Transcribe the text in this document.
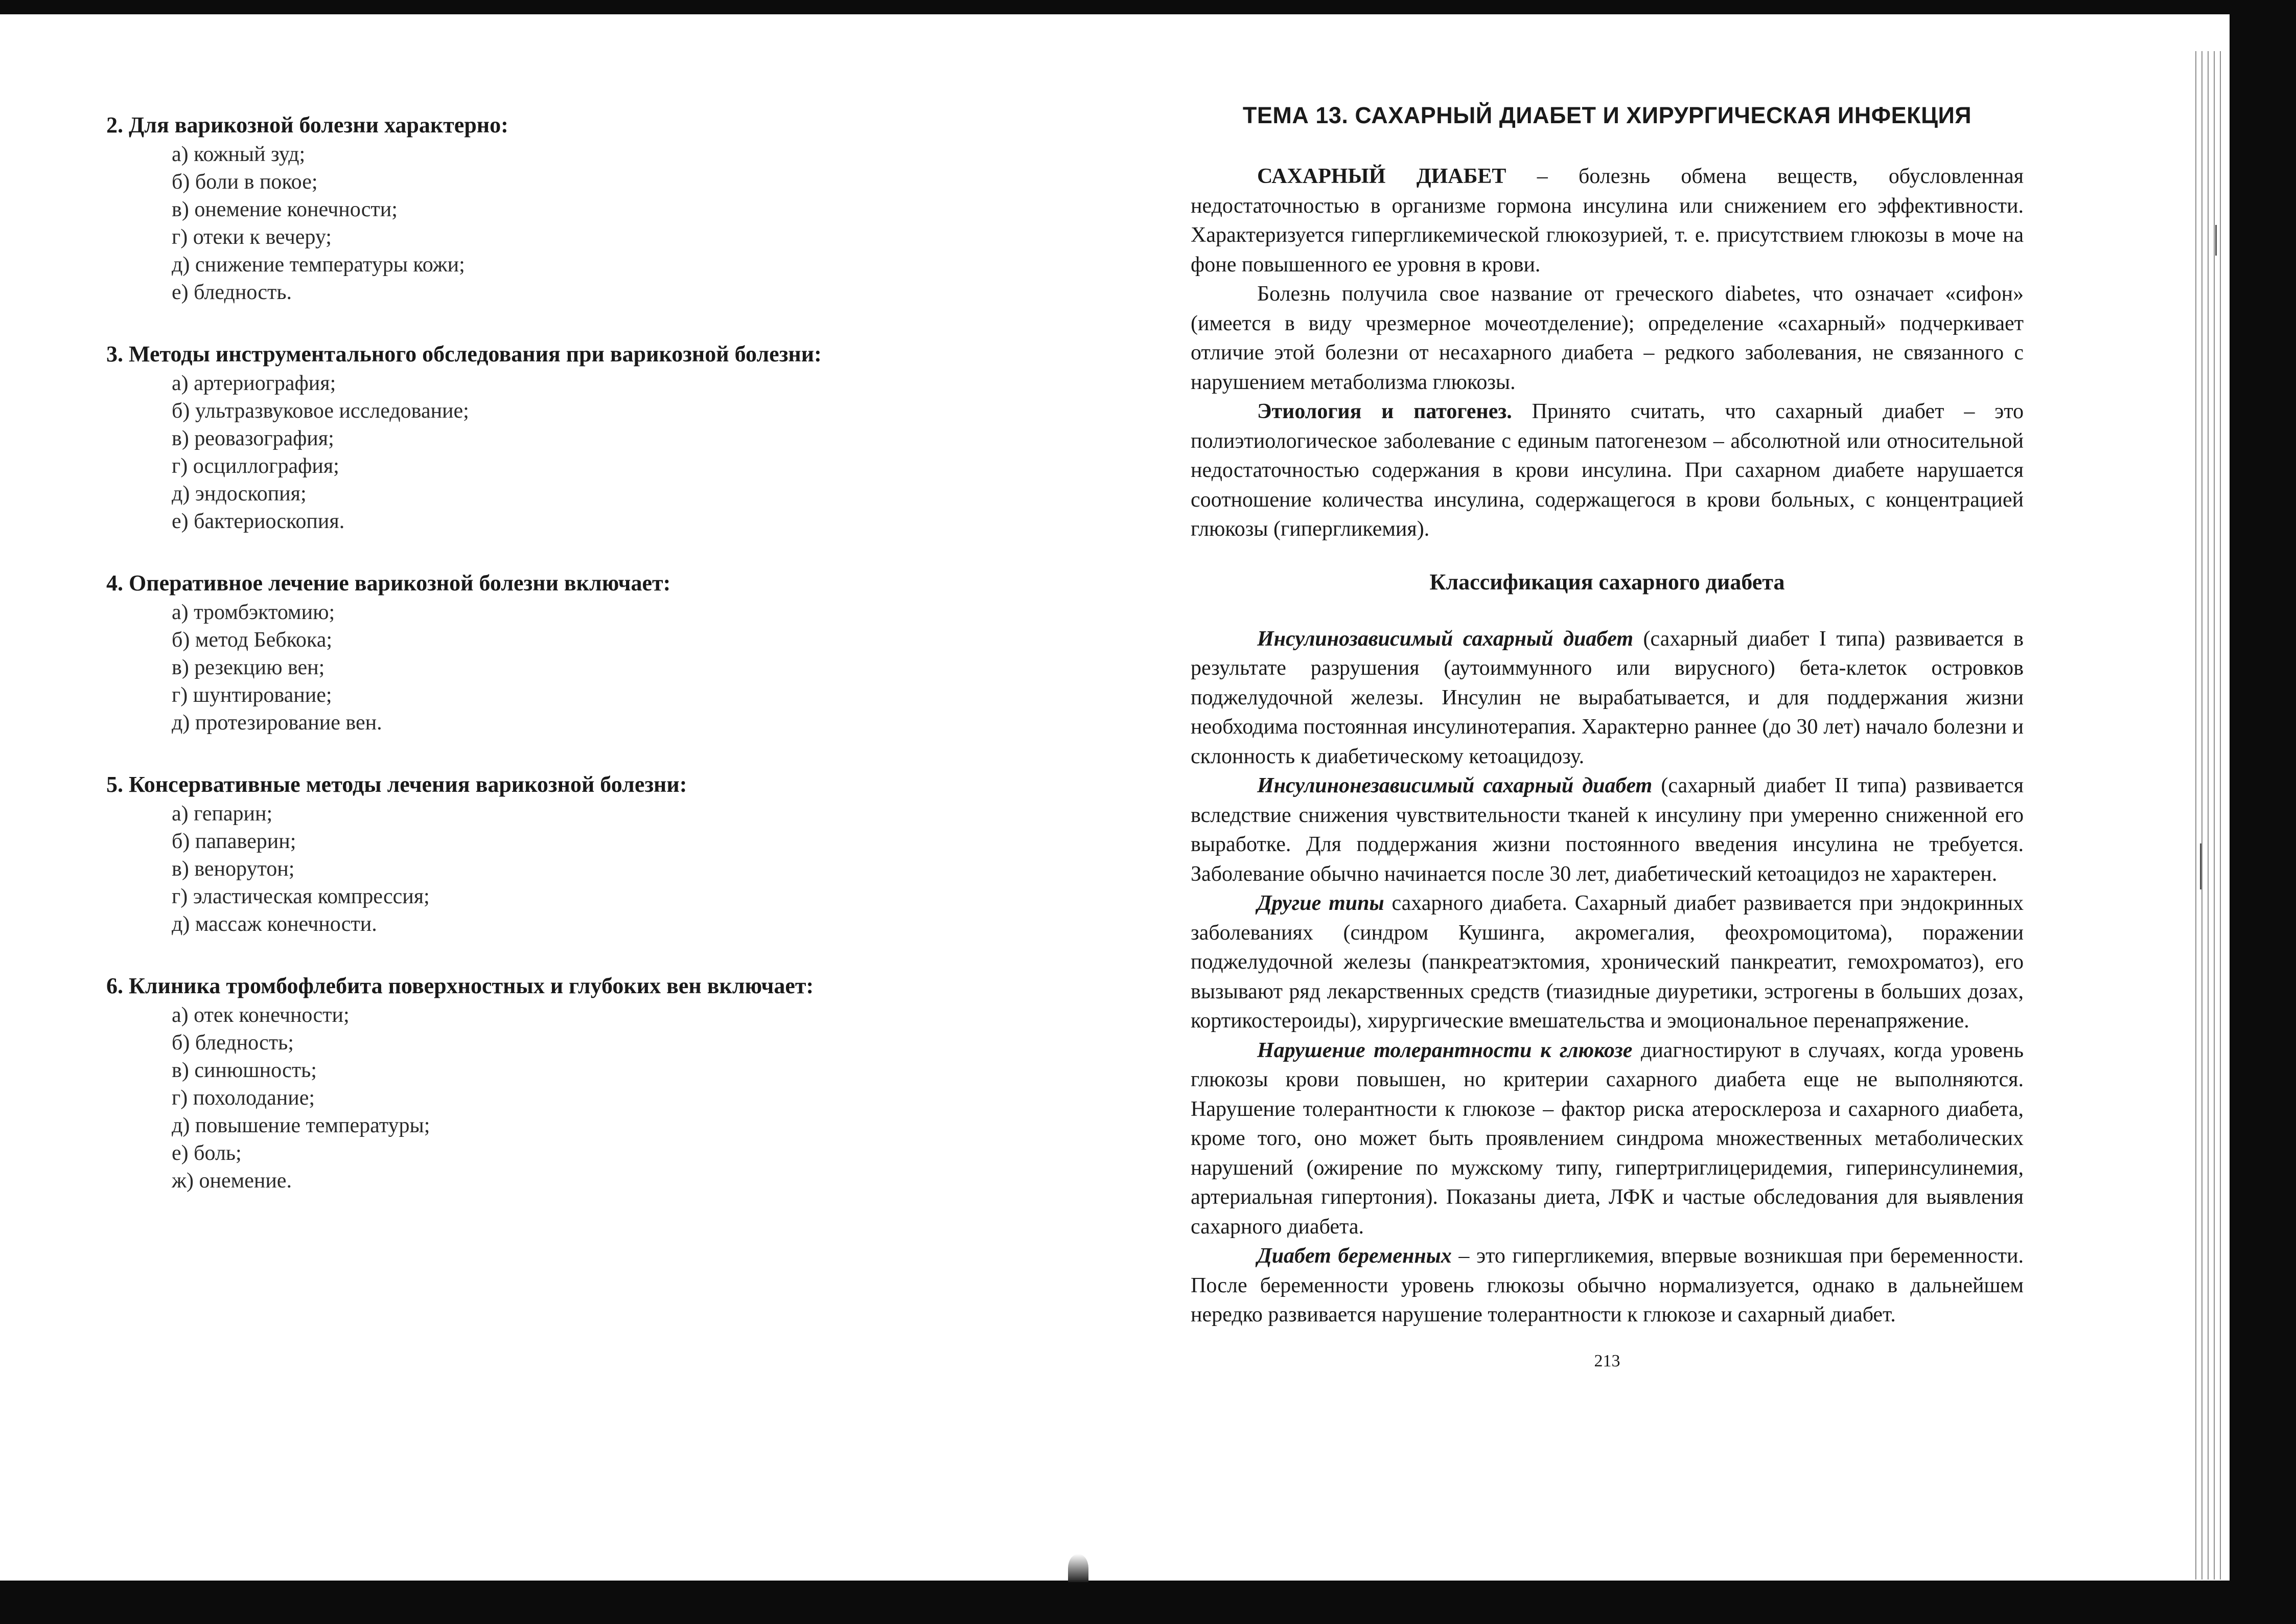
2. Для варикозной болезни характерно:

а) кожный зуд;
б) боли в покое;
в) онемение конечности;
г) отеки к вечеру;
д) снижение температуры кожи;
е) бледность.

3. Методы инструментального обследования при варикозной болезни:

а) артериография;
б) ультразвуковое исследование;
в) реовазография;
г) осциллография;
д) эндоскопия;
е) бактериоскопия.

4. Оперативное лечение варикозной болезни включает:

а) тромбэктомию;
б) метод Бебкока;
в) резекцию вен;
г) шунтирование;
д) протезирование вен.

5. Консервативные методы лечения варикозной болезни:

а) гепарин;
б) папаверин;
в) венорутон;
г) эластическая компрессия;
д) массаж конечности.

6. Клиника тромбофлебита поверхностных и глубоких вен включает:

а) отек конечности;
б) бледность;
в) синюшность;
г) похолодание;
д) повышение температуры;
е) боль;
ж) онемение.

ТЕМА 13. САХАРНЫЙ ДИАБЕТ И ХИРУРГИЧЕСКАЯ ИНФЕКЦИЯ

САХАРНЫЙ ДИАБЕТ – болезнь обмена веществ, обусловленная недостаточностью в организме гормона инсулина или снижением его эффективности. Характеризуется гипергликемической глюкозурией, т. е. присутствием глюкозы в моче на фоне повышенного ее уровня в крови.

Болезнь получила свое название от греческого diabetes, что означает «сифон» (имеется в виду чрезмерное мочеотделение); определение «сахарный» подчеркивает отличие этой болезни от несахарного диабета – редкого заболевания, не связанного с нарушением метаболизма глюкозы.

Этиология и патогенез. Принято считать, что сахарный диабет – это полиэтиологическое заболевание с единым патогенезом – абсолютной или относительной недостаточностью содержания в крови инсулина. При сахарном диабете нарушается соотношение количества инсулина, содержащегося в крови больных, с концентрацией глюкозы (гипергликемия).

Классификация сахарного диабета

Инсулинозависимый сахарный диабет (сахарный диабет I типа) развивается в результате разрушения (аутоиммунного или вирусного) бета-клеток островков поджелудочной железы. Инсулин не вырабатывается, и для поддержания жизни необходима постоянная инсулинотерапия. Характерно раннее (до 30 лет) начало болезни и склонность к диабетическому кетоацидозу.

Инсулинонезависимый сахарный диабет (сахарный диабет II типа) развивается вследствие снижения чувствительности тканей к инсулину при умеренно сниженной его выработке. Для поддержания жизни постоянного введения инсулина не требуется. Заболевание обычно начинается после 30 лет, диабетический кетоацидоз не характерен.

Другие типы сахарного диабета. Сахарный диабет развивается при эндокринных заболеваниях (синдром Кушинга, акромегалия, феохромоцитома), поражении поджелудочной железы (панкреатэктомия, хронический панкреатит, гемохроматоз), его вызывают ряд лекарственных средств (тиазидные диуретики, эстрогены в больших дозах, кортикостероиды), хирургические вмешательства и эмоциональное перенапряжение.

Нарушение толерантности к глюкозе диагностируют в случаях, когда уровень глюкозы крови повышен, но критерии сахарного диабета еще не выполняются. Нарушение толерантности к глюкозе – фактор риска атеросклероза и сахарного диабета, кроме того, оно может быть проявлением синдрома множественных метаболических нарушений (ожирение по мужскому типу, гипертриглицеридемия, гиперинсулинемия, артериальная гипертония). Показаны диета, ЛФК и частые обследования для выявления сахарного диабета.

Диабет беременных – это гипергликемия, впервые возникшая при беременности. После беременности уровень глюкозы обычно нормализуется, однако в дальнейшем нередко развивается нарушение толерантности к глюкозе и сахарный диабет.

213
